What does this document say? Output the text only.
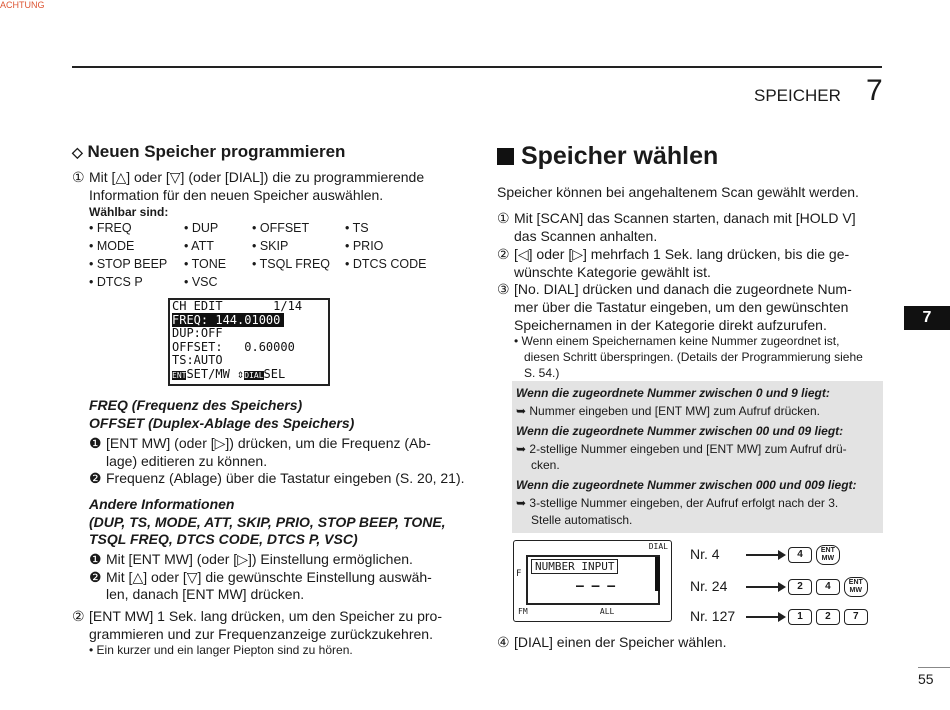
ACHTUNG
SPEICHER 7
7
55
◇ Neuen Speicher programmieren
① Mit [△] oder [▽] (oder [DIAL]) die zu programmierende
Information für den neuen Speicher auswählen.
Wählbar sind:
• FREQ	• DUP	• OFFSET	• TS
• MODE	• ATT	• SKIP	• PRIO
• STOP BEEP • TONE • TSQL FREQ • DTCS CODE
• DTCS P	• VSC
CH EDIT       1/14
FREQ: 144.01000
DUP:OFF
OFFSET:   0.60000
TS:AUTO
ENTSET/MW ⇕DIALSEL
FREQ (Frequenz des Speichers)
OFFSET (Duplex-Ablage des Speichers)
❶ [ENT MW] (oder [▷]) drücken, um die Frequenz (Ab-
lage) editieren zu können.
❷ Frequenz (Ablage) über die Tastatur eingeben (S. 20, 21).
Andere Informationen
(DUP, TS, MODE, ATT, SKIP, PRIO, STOP BEEP, TONE,
TSQL FREQ, DTCS CODE, DTCS P, VSC)
❶ Mit [ENT MW] (oder [▷]) Einstellung ermöglichen.
❷ Mit [△] oder [▽] die gewünschte Einstellung auswäh-
len, danach [ENT MW] drücken.
② [ENT MW] 1 Sek. lang drücken, um den Speicher zu pro-
grammieren und zur Frequenzanzeige zurückzukehren.
• Ein kurzer und ein langer Piepton sind zu hören.
Speicher wählen
Speicher können bei angehaltenem Scan gewählt werden.
① Mit [SCAN] das Scannen starten, danach mit [HOLD V]
das Scannen anhalten.
② [◁] oder [▷] mehrfach 1 Sek. lang drücken, bis die ge-
wünschte Kategorie gewählt ist.
③ [No. DIAL] drücken und danach die zugeordnete Num-
mer über die Tastatur eingeben, um den gewünschten
Speichernamen in der Kategorie direkt aufzurufen.
• Wenn einem Speichernamen keine Nummer zugeordnet ist,
diesen Schritt überspringen. (Details der Programmierung siehe
S. 54.)
Wenn die zugeordnete Nummer zwischen 0 und 9 liegt:
➥ Nummer eingeben und [ENT MW] zum Aufruf drücken.
Wenn die zugeordnete Nummer zwischen 00 und 09 liegt:
➥ 2-stellige Nummer eingeben und [ENT MW] zum Aufruf drü-
cken.
Wenn die zugeordnete Nummer zwischen 000 und 009 liegt:
➥ 3-stellige Nummer eingeben, der Aufruf erfolgt nach der 3.
Stelle automatisch.
DIAL
NUMBER INPUT
– – –
F
FM               ALL
Nr. 4	4	ENT
MW
Nr. 24	2 4	ENT
MW
Nr. 127	1 2 7
④ [DIAL] einen der Speicher wählen.
